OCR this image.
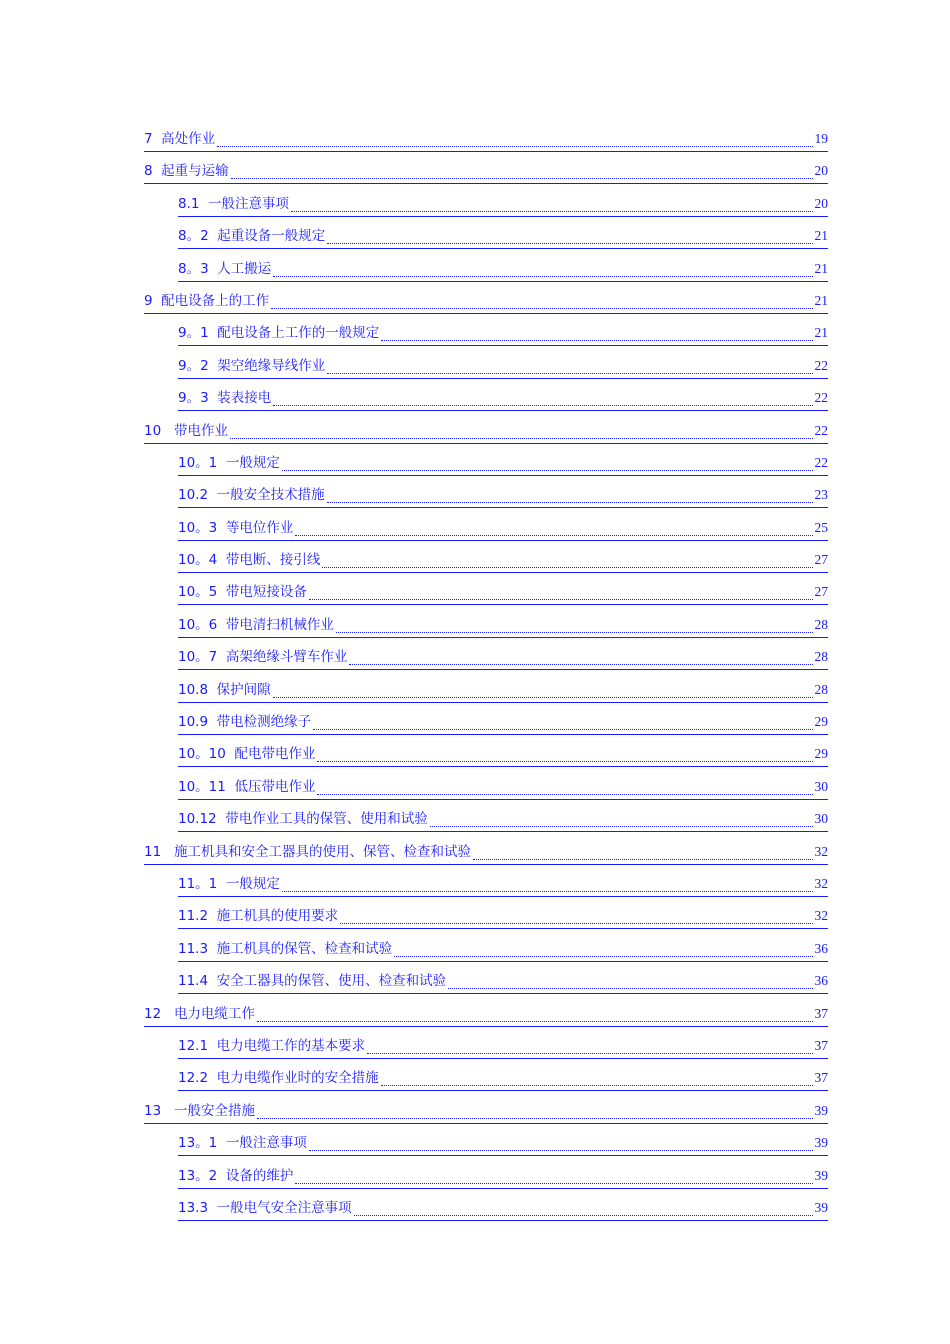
7  高处作业	19
8  起重与运输	20
8.1  一般注意事项	20
8。2  起重设备一般规定	21
8。3  人工搬运	21
9  配电设备上的工作	21
9。1  配电设备上工作的一般规定	21
9。2  架空绝缘导线作业	22
9。3  装表接电	22
10   带电作业	22
10。1  一般规定	22
10.2  一般安全技术措施	23
10。3  等电位作业	25
10。4  带电断、接引线	27
10。5  带电短接设备	27
10。6  带电清扫机械作业	28
10。7  高架绝缘斗臂车作业	28
10.8  保护间隙	28
10.9  带电检测绝缘子	29
10。10  配电带电作业	29
10。11  低压带电作业	30
10.12  带电作业工具的保管、使用和试验	30
11   施工机具和安全工器具的使用、保管、检查和试验	32
11。1  一般规定	32
11.2  施工机具的使用要求	32
11.3  施工机具的保管、检查和试验	36
11.4  安全工器具的保管、使用、检查和试验	36
12   电力电缆工作	37
12.1  电力电缆工作的基本要求	37
12.2  电力电缆作业时的安全措施	37
13   一般安全措施	39
13。1  一般注意事项	39
13。2  设备的维护	39
13.3  一般电气安全注意事项	39
